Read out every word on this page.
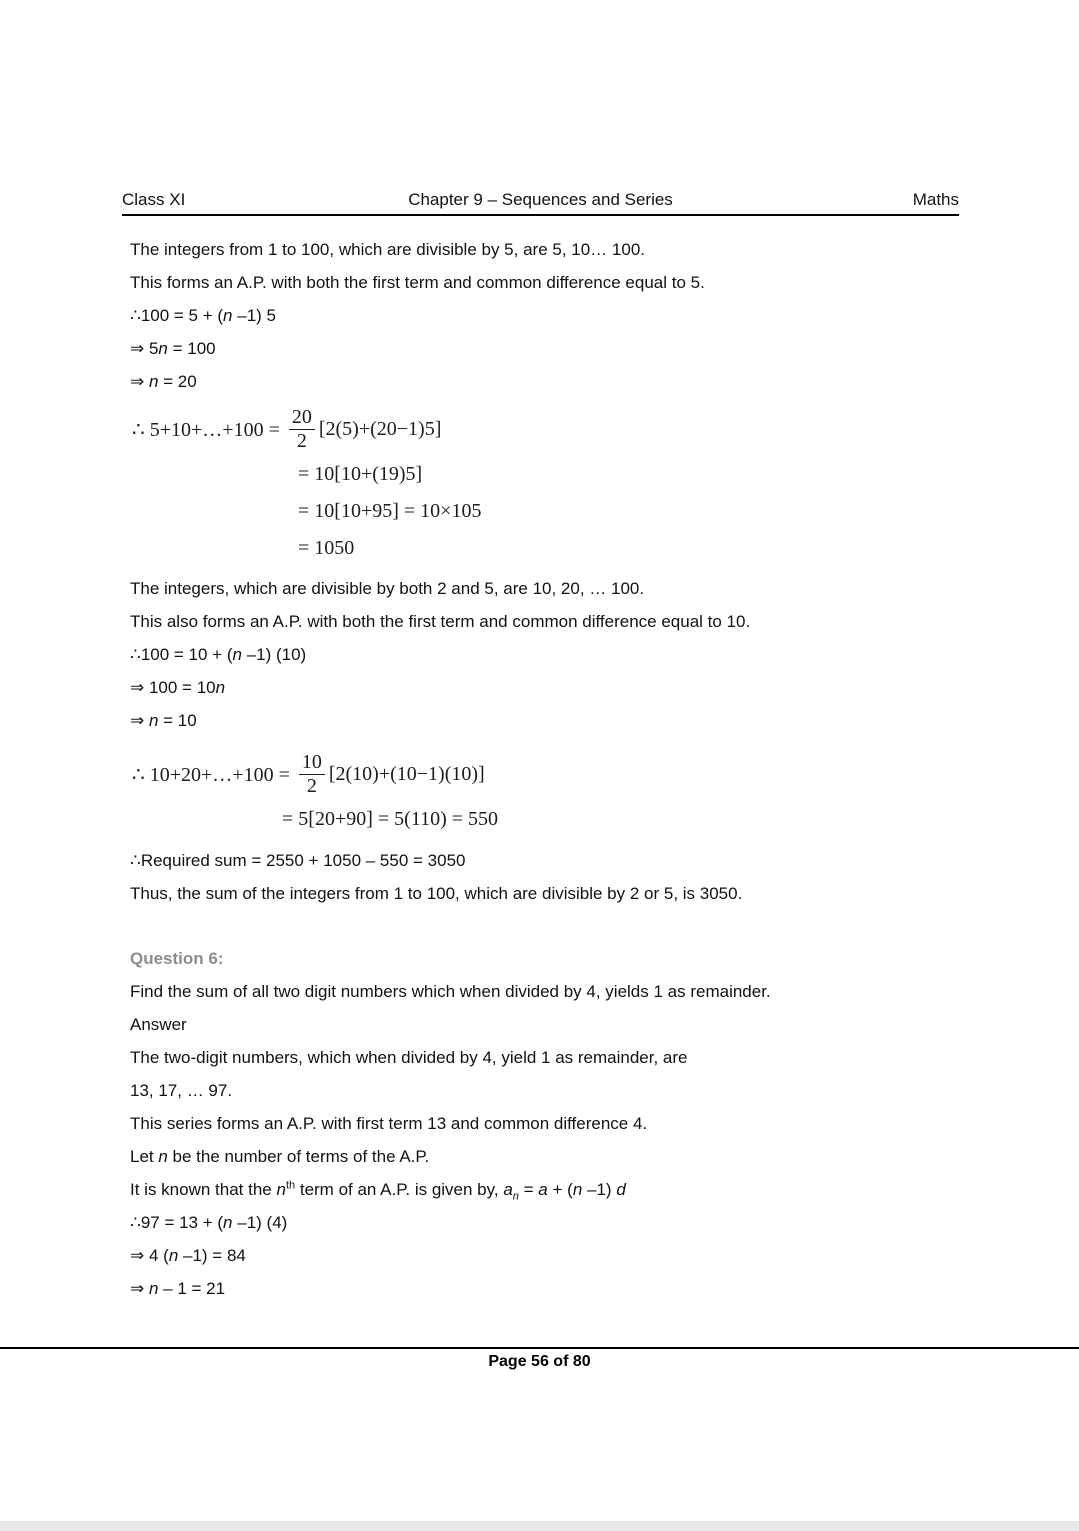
Chapter 9 – Sequences and Series
Class XI	Maths

The integers from 1 to 100, which are divisible by 5, are 5, 10… 100.

This forms an A.P. with both the first term and common difference equal to 5.

∴100 = 5 + (n –1) 5

⇒ 5n = 100

⇒ n = 20

∴ 5+10+…+100 = $\frac{20}{2} [2(5)+(20-1)5]$
= 10[10+(19)5]
= 10[10+95] = 10×105
= 1050

The integers, which are divisible by both 2 and 5, are 10, 20, … 100.

This also forms an A.P. with both the first term and common difference equal to 10.

∴100 = 10 + (n –1) (10)

⇒ 100 = 10n

⇒ n = 10

∴ 10+20+…+100 = $\frac{10}{2} [2(10)+(10-1)(10)]$
= 5[20+90] = 5(110) = 550

∴Required sum = 2550 + 1050 – 550 = 3050

Thus, the sum of the integers from 1 to 100, which are divisible by 2 or 5, is 3050.

Question 6:

Find the sum of all two digit numbers which when divided by 4, yields 1 as remainder.

Answer

The two-digit numbers, which when divided by 4, yield 1 as remainder, are

13, 17, … 97.

This series forms an A.P. with first term 13 and common difference 4.

Let n be the number of terms of the A.P.

It is known that the $n^{th}$ term of an A.P. is given by, $a_n = a + (n$ –1) d

∴97 = 13 + (n –1) (4)

⇒ 4 (n –1) = 84

⇒ n – 1 = 21

Page 56 of 80
